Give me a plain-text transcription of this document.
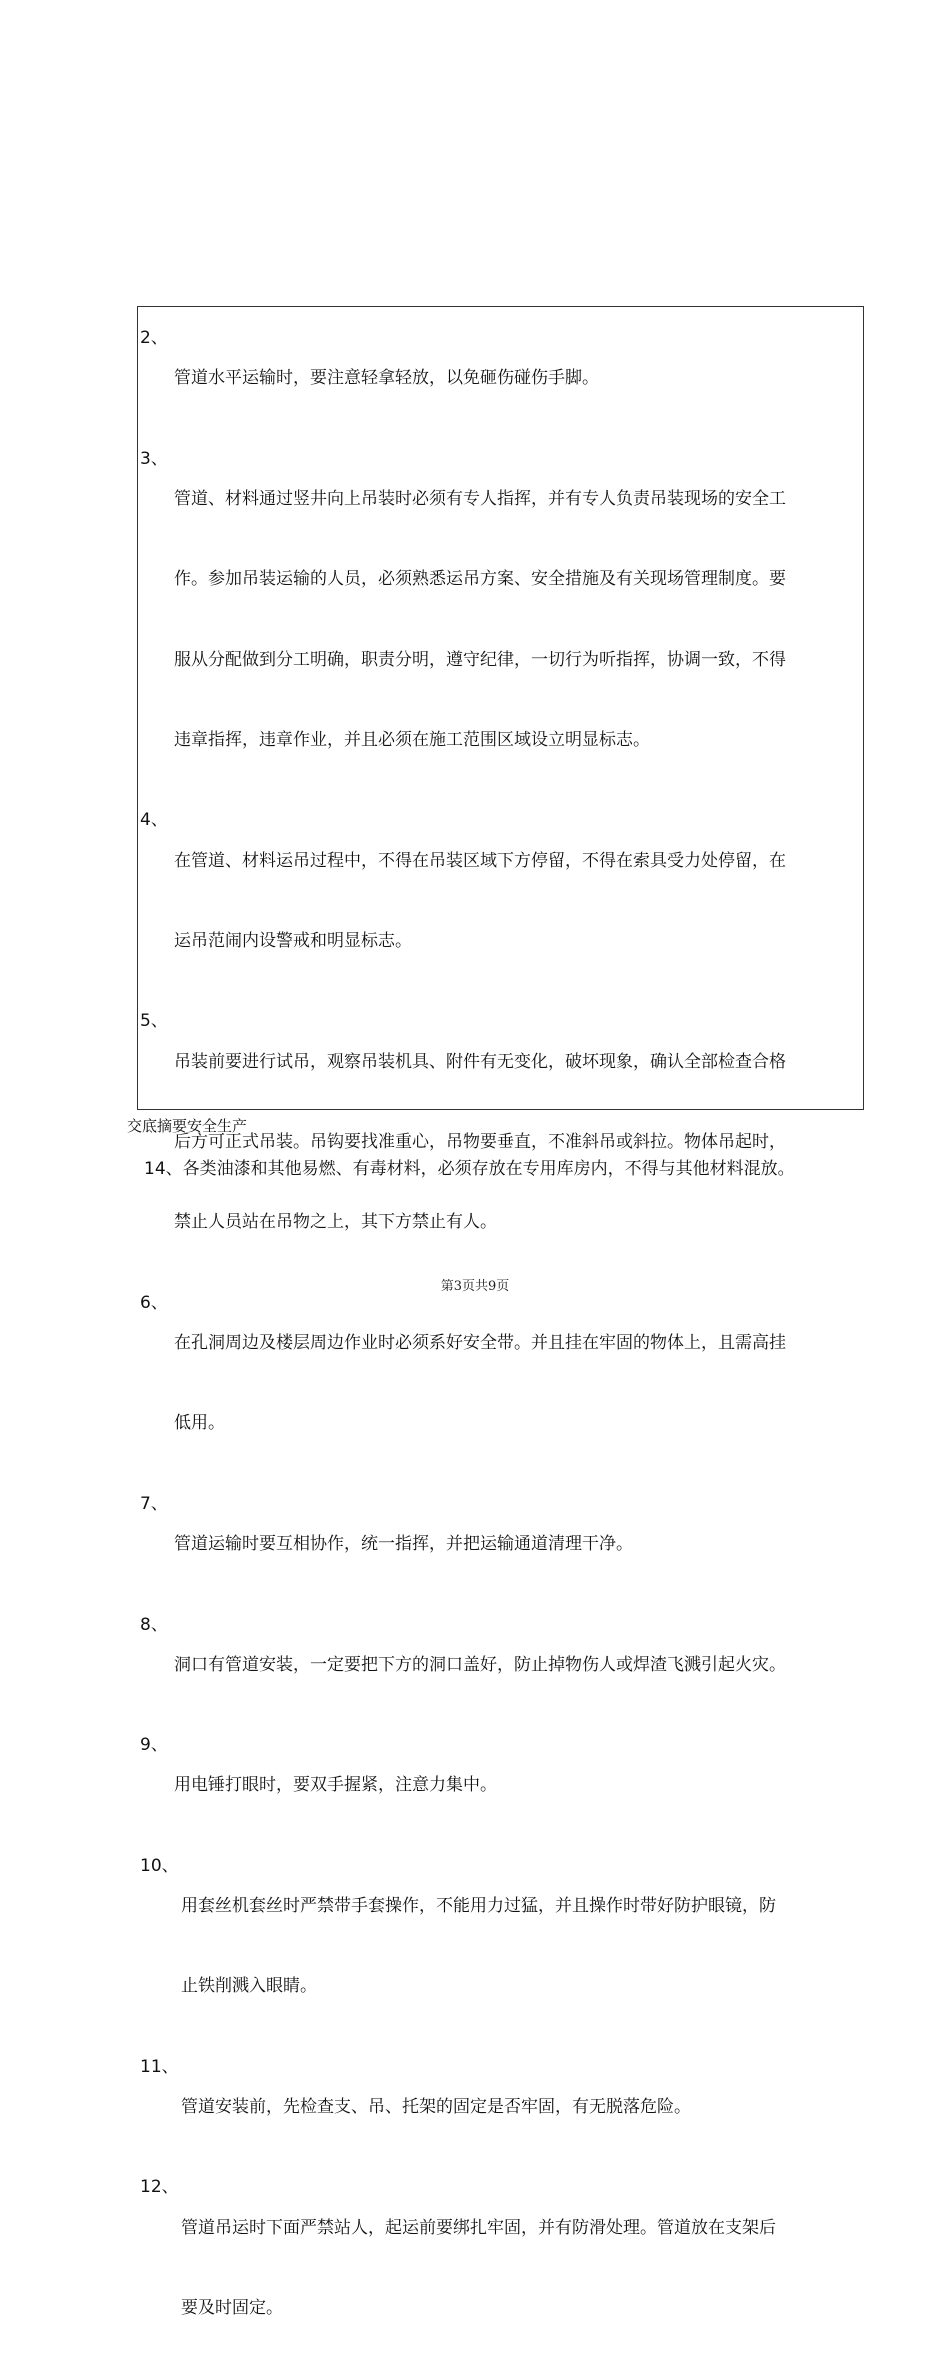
2、

管道水平运输时，要注意轻拿轻放，以免砸伤碰伤手脚。

3、

管道、材料通过竖井向上吊装时必须有专人指挥，并有专人负责吊装现场的安全工

作。参加吊装运输的人员，必须熟悉运吊方案、安全措施及有关现场管理制度。要

服从分配做到分工明确，职责分明，遵守纪律，一切行为听指挥，协调一致，不得

违章指挥，违章作业，并且必须在施工范围区域设立明显标志。

4、

在管道、材料运吊过程中，不得在吊装区域下方停留，不得在索具受力处停留，在

运吊范闹内设警戒和明显标志。

5、

吊装前要进行试吊，观察吊装机具、附件有无变化，破坏现象，确认全部检查合格

后方可正式吊装。吊钩要找准重心，吊物要垂直，不准斜吊或斜拉。物体吊起时，

禁止人员站在吊物之上，其下方禁止有人。

6、

在孔洞周边及楼层周边作业时必须系好安全带。并且挂在牢固的物体上，且需高挂

低用。

7、

管道运输时要互相协作，统一指挥，并把运输通道清理干净。

8、

洞口有管道安装，一定要把下方的洞口盖好，防止掉物伤人或焊渣飞溅引起火灾。

9、

用电锤打眼时，要双手握紧，注意力集中。

10、

用套丝机套丝时严禁带手套操作，不能用力过猛，并且操作时带好防护眼镜，防

止铁削溅入眼睛。

11、

管道安装前，先检查支、吊、托架的固定是否牢固，有无脱落危险。

12、

管道吊运时下面严禁站人，起运前要绑扎牢固，并有防滑处理。管道放在支架后

要及时固定。

交底摘要安全生产
14、各类油漆和其他易燃、有毒材料，必须存放在专用库房内，不得与其他材料混放。
第3页共9页
